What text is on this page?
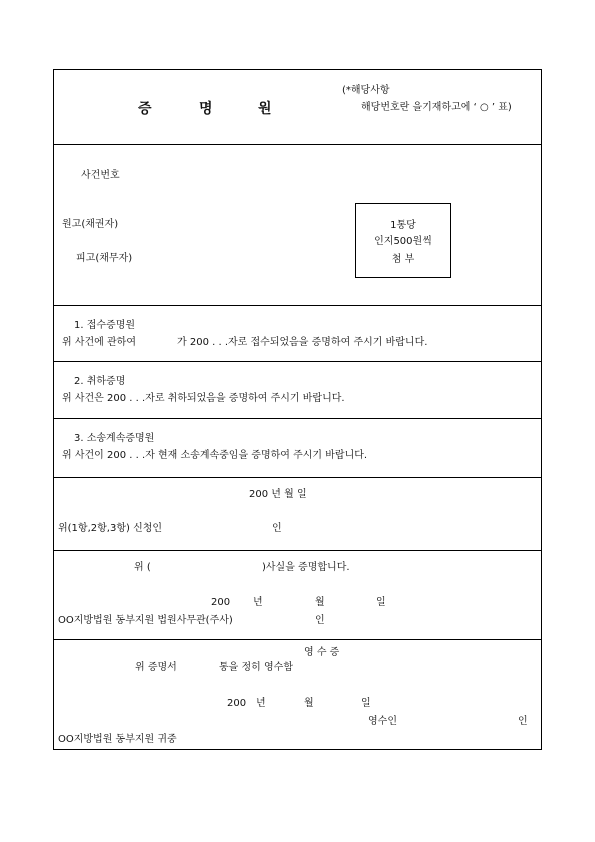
증	명	원
(*해당사항
해당번호란 을기재하고에 ‘ ○ ’ 표)
사건번호
원고(채권자)
피고(채무자)
1통당
인지500원씩
첨 부
1. 접수증명원
위 사건에 관하여	가 200 . . .자로 접수되었음을 증명하여 주시기 바랍니다.
2. 취하증명
위 사건은 200 . . .자로 취하되었음을 증명하여 주시기 바랍니다.
3. 소송계속증명원
위 사건이 200 . . .자 현재 소송계속중임을 증명하여 주시기 바랍니다.
200 년 월 일
위(1항,2항,3항) 신청인	인
위 (	)사실을 증명합니다.
200 년	월	일
OO지방법원 동부지원 법원사무관(주사)	인
영 수 증
위 증명서	통을 정히 영수함
200 년	월	일
영수인	인
OO지방법원 동부지원 귀중
